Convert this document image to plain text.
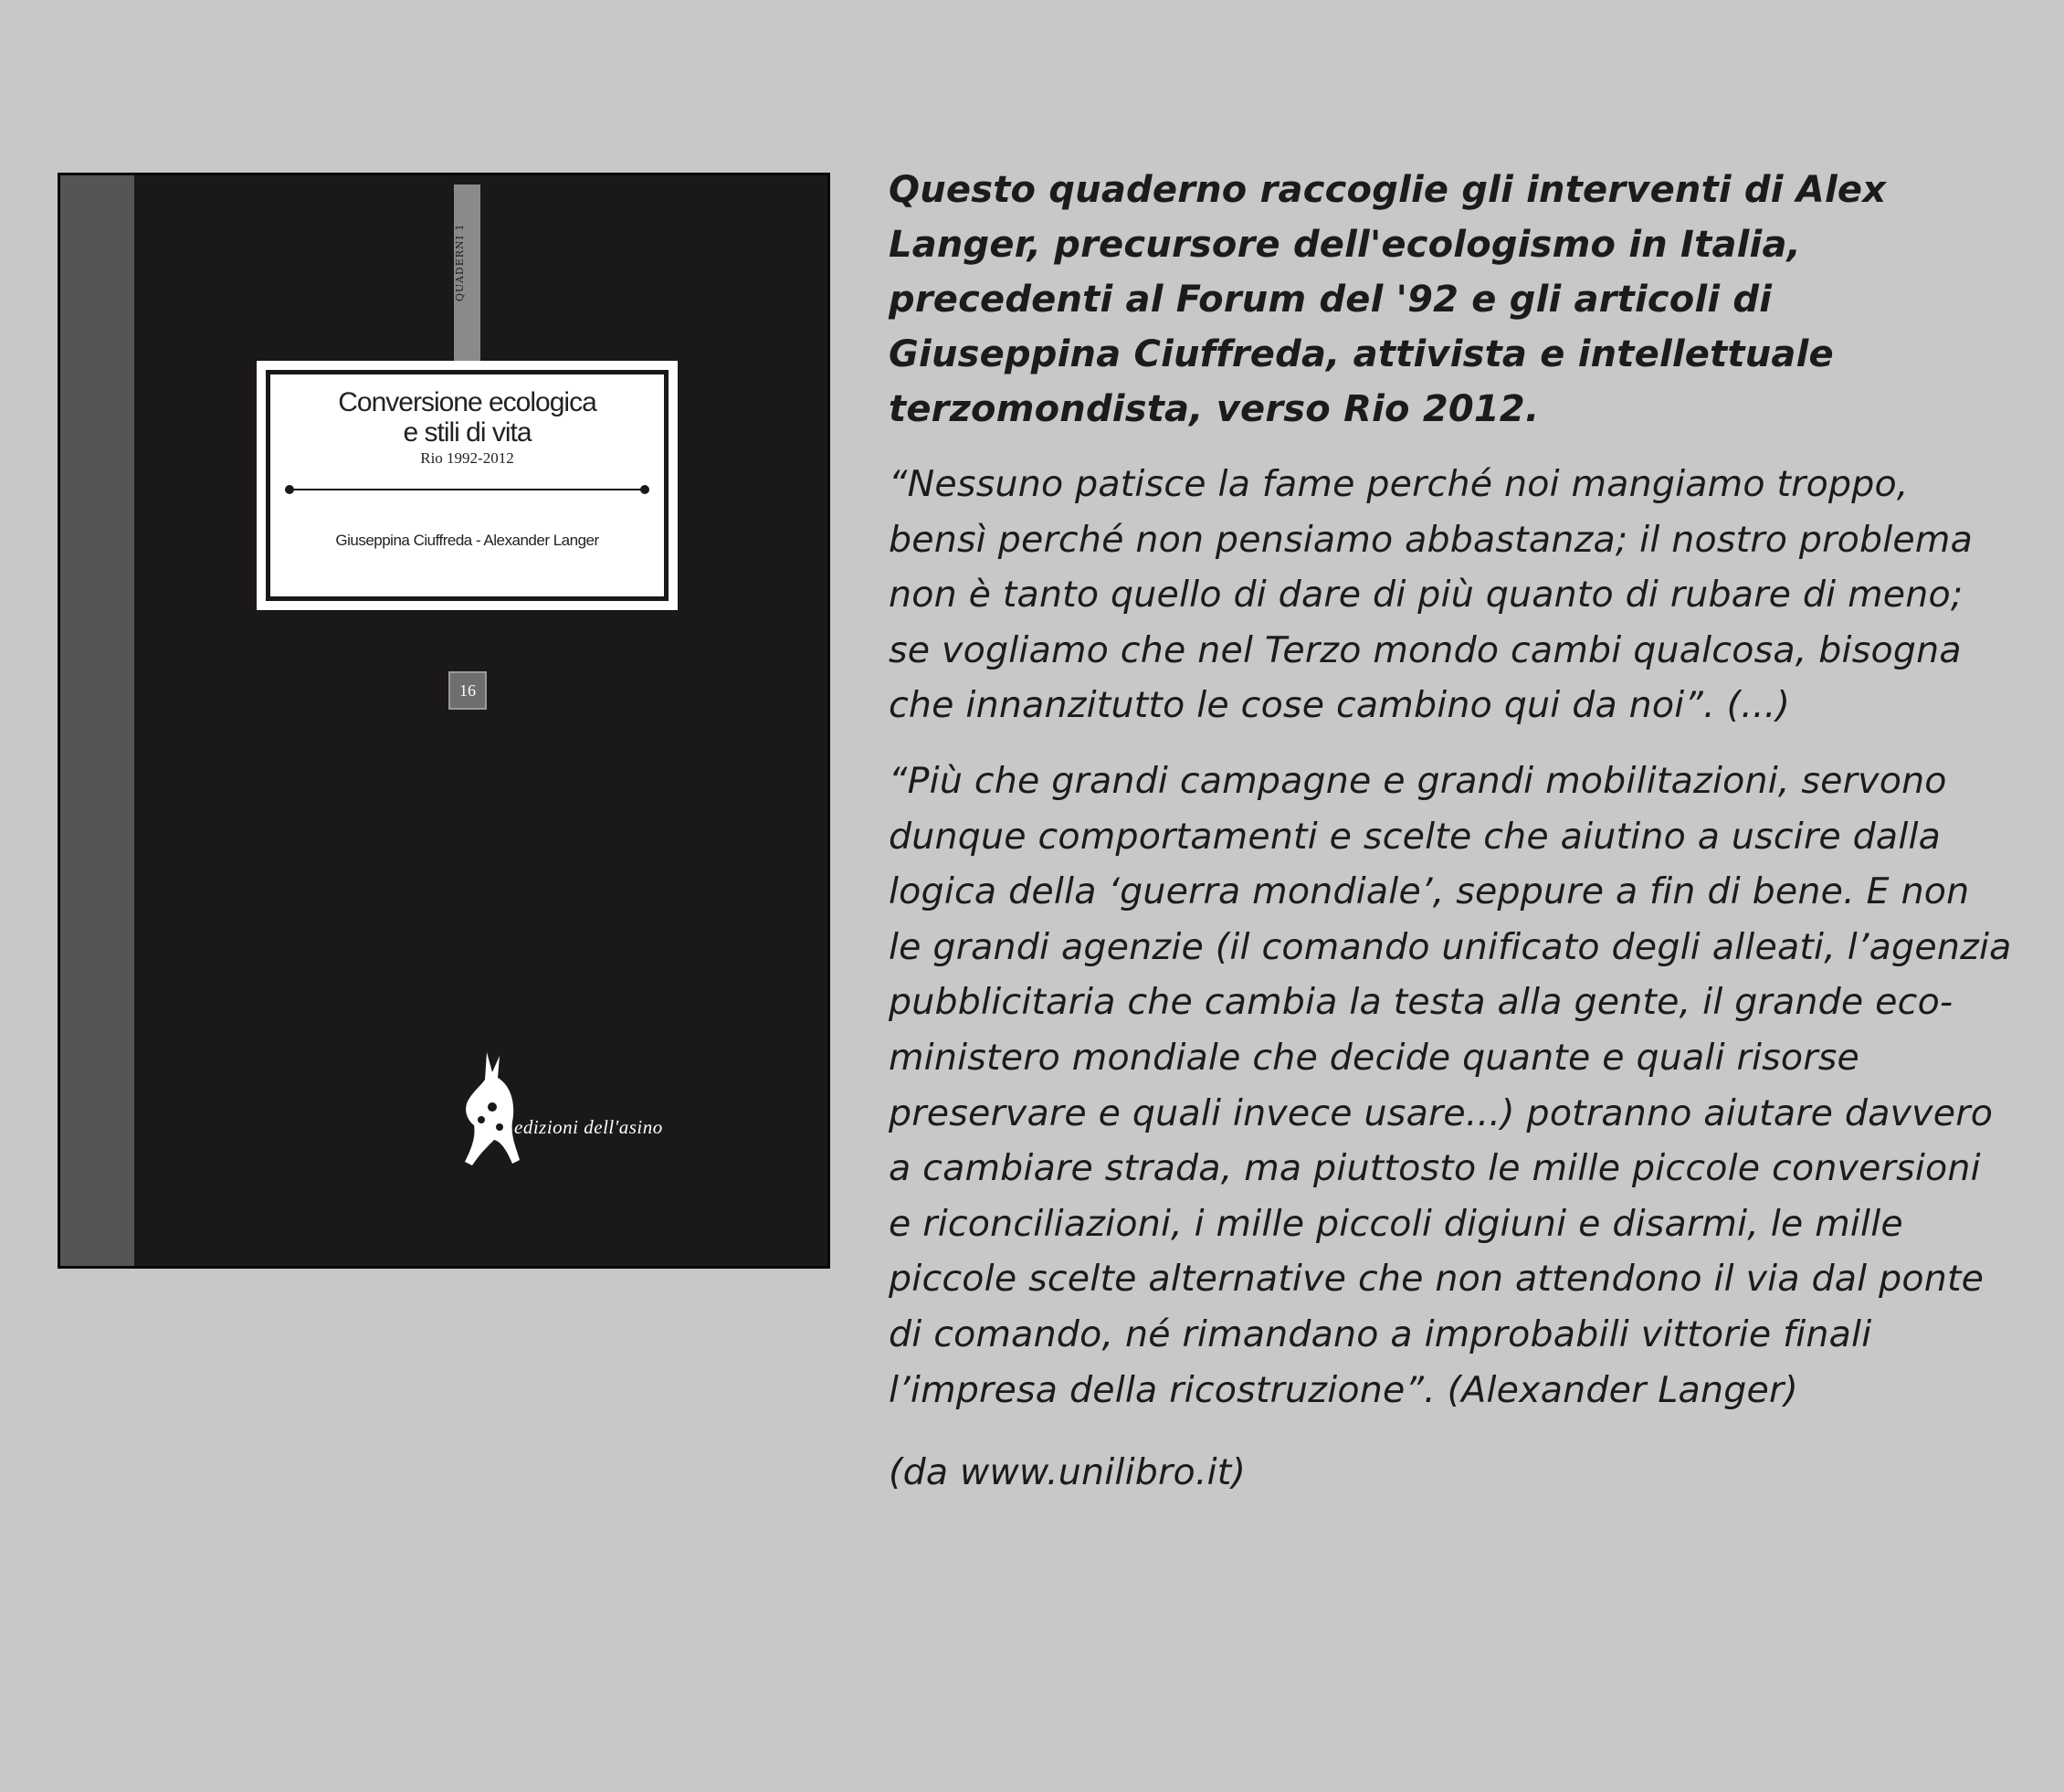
QUADERNI 1
Conversione ecologica
e stili di vita
Rio 1992-2012
Giuseppina Ciuffreda - Alexander Langer
16
edizioni dell'asino

Questo quaderno raccoglie gli interventi di Alex Langer, precursore dell'ecologismo in Italia, precedenti al Forum del '92 e gli articoli di Giuseppina Ciuffreda, attivista e intellettuale terzomondista, verso Rio 2012.

“Nessuno patisce la fame perché noi mangiamo troppo, bensì perché non pensiamo abbastanza; il nostro problema non è tanto quello di dare di più quanto di rubare di meno; se vogliamo che nel Terzo mondo cambi qualcosa, bisogna che innanzitutto le cose cambino qui da noi”. (...)

“Più che grandi campagne e grandi mobilitazioni, servono dunque comportamenti e scelte che aiutino a uscire dalla logica della ‘guerra mondiale’, seppure a fin di bene. E non le grandi agenzie (il comando unificato degli alleati, l’agenzia pubblicitaria che cambia la testa alla gente, il grande eco-ministero mondiale che decide quante e quali risorse preservare e quali invece usare...) potranno aiutare davvero a cambiare strada, ma piuttosto le mille piccole conversioni e riconciliazioni, i mille piccoli digiuni e disarmi, le mille piccole scelte alternative che non attendono il via dal ponte di comando, né rimandano a improbabili vittorie finali l’impresa della ricostruzione”. (Alexander Langer)

(da www.unilibro.it)
